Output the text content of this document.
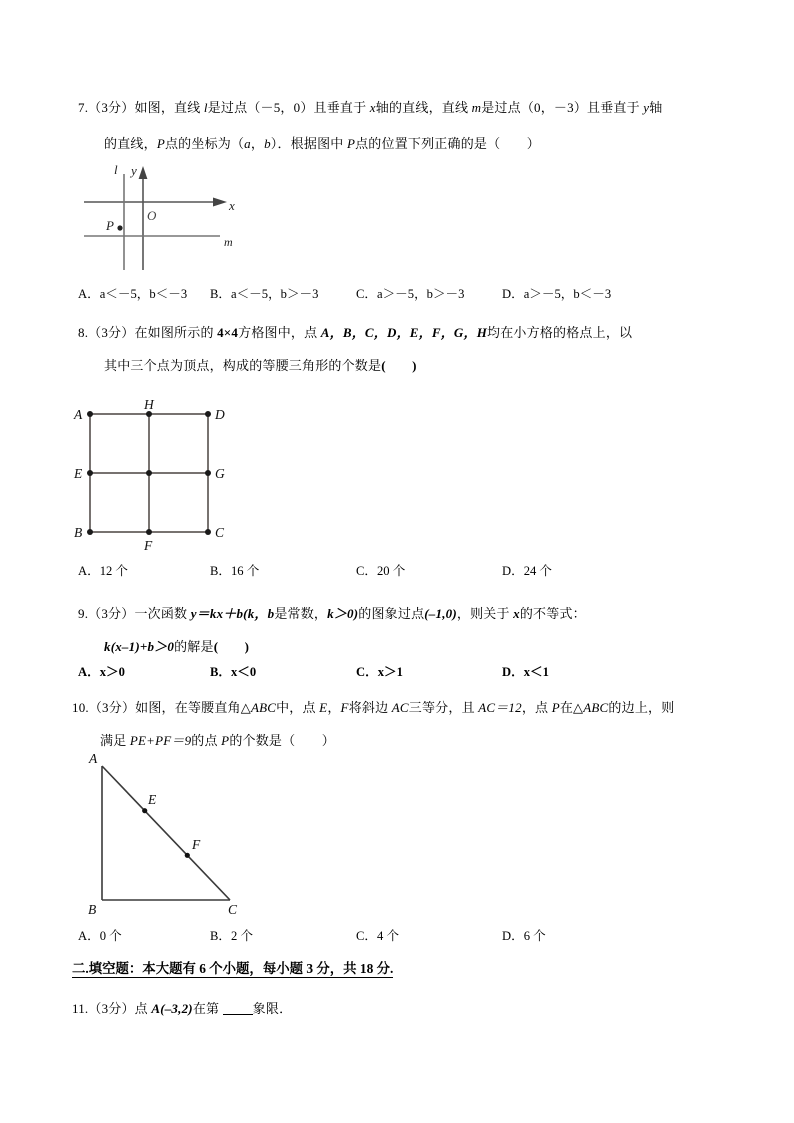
7.（3分）如图，直线 l是过点（－5，0）且垂直于 x轴的直线，直线 m是过点（0，－3）且垂直于 y轴
的直线，P点的坐标为（a，b）．根据图中 P点的位置下列正确的是（　　）
l y
x
O
m
P
A．a＜－5，b＜－3 B．a＜－5，b＞－3	C．a＞－5，b＞－3	D．a＞－5，b＜－3
8.（3分）在如图所示的 4×4方格图中，点 A，B，C，D，E，F，G，H均在小方格的格点上，以
其中三个点为顶点，构成的等腰三角形的个数是(　　)
A
H
D
E	G
B
F
C
A．12 个	B．16 个	C．20 个	D．24 个
9.（3分）一次函数 y＝kx＋b(k，b是常数，k＞0)的图象过点(–1,0)，则关于 x的不等式：
k(x–1)+b＞0的解是(　　)
A．x＞0	B．x＜0	C．x＞1	D．x＜1
10.（3分）如图，在等腰直角△ABC中，点 E，F将斜边 AC三等分，且 AC＝12，点 P在△ABC的边上，则
满足 PE+PF＝9的点 P的个数是（　　）
A
E
F
B	C
A．0 个	B．2 个	C．4 个	D．6 个
二.填空题：本大题有 6 个小题，每小题 3 分，共 18 分.
11.（3分）点 A(–3,2)在第 象限．
